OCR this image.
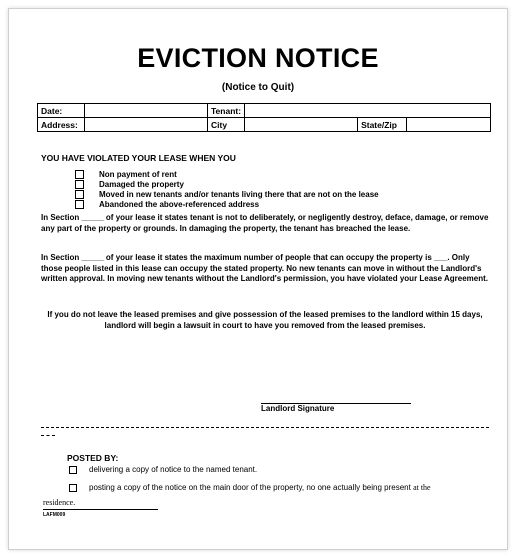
EVICTION NOTICE
(Notice to Quit)
Date:		Tenant:			
Address:		City		State/Zip	
YOU HAVE VIOLATED YOUR LEASE WHEN YOU
Non payment of rent
Damaged the property
Moved in new tenants and/or tenants living there that are not on the lease
Abandoned the above-referenced address
In Section _____ of your lease it states tenant is not to deliberately, or negligently destroy, deface, damage, or remove any part of the property or grounds. In damaging the property, the tenant has breached the lease.
In Section _____ of your lease it states the maximum number of people that can occupy the property is ___. Only those people listed in this lease can occupy the stated property. No new tenants can move in without the Landlord's written approval. In moving new tenants without the Landlord's permission, you have violated your Lease Agreement.
If you do not leave the leased premises and give possession of the leased premises to the landlord within 15 days, landlord will begin a lawsuit in court to have you removed from the leased premises.
Landlord Signature
POSTED BY:
delivering a copy of notice to the named tenant.
posting a copy of the notice on the main door of the property, no one actually being present at the
residence.
LAFM009
